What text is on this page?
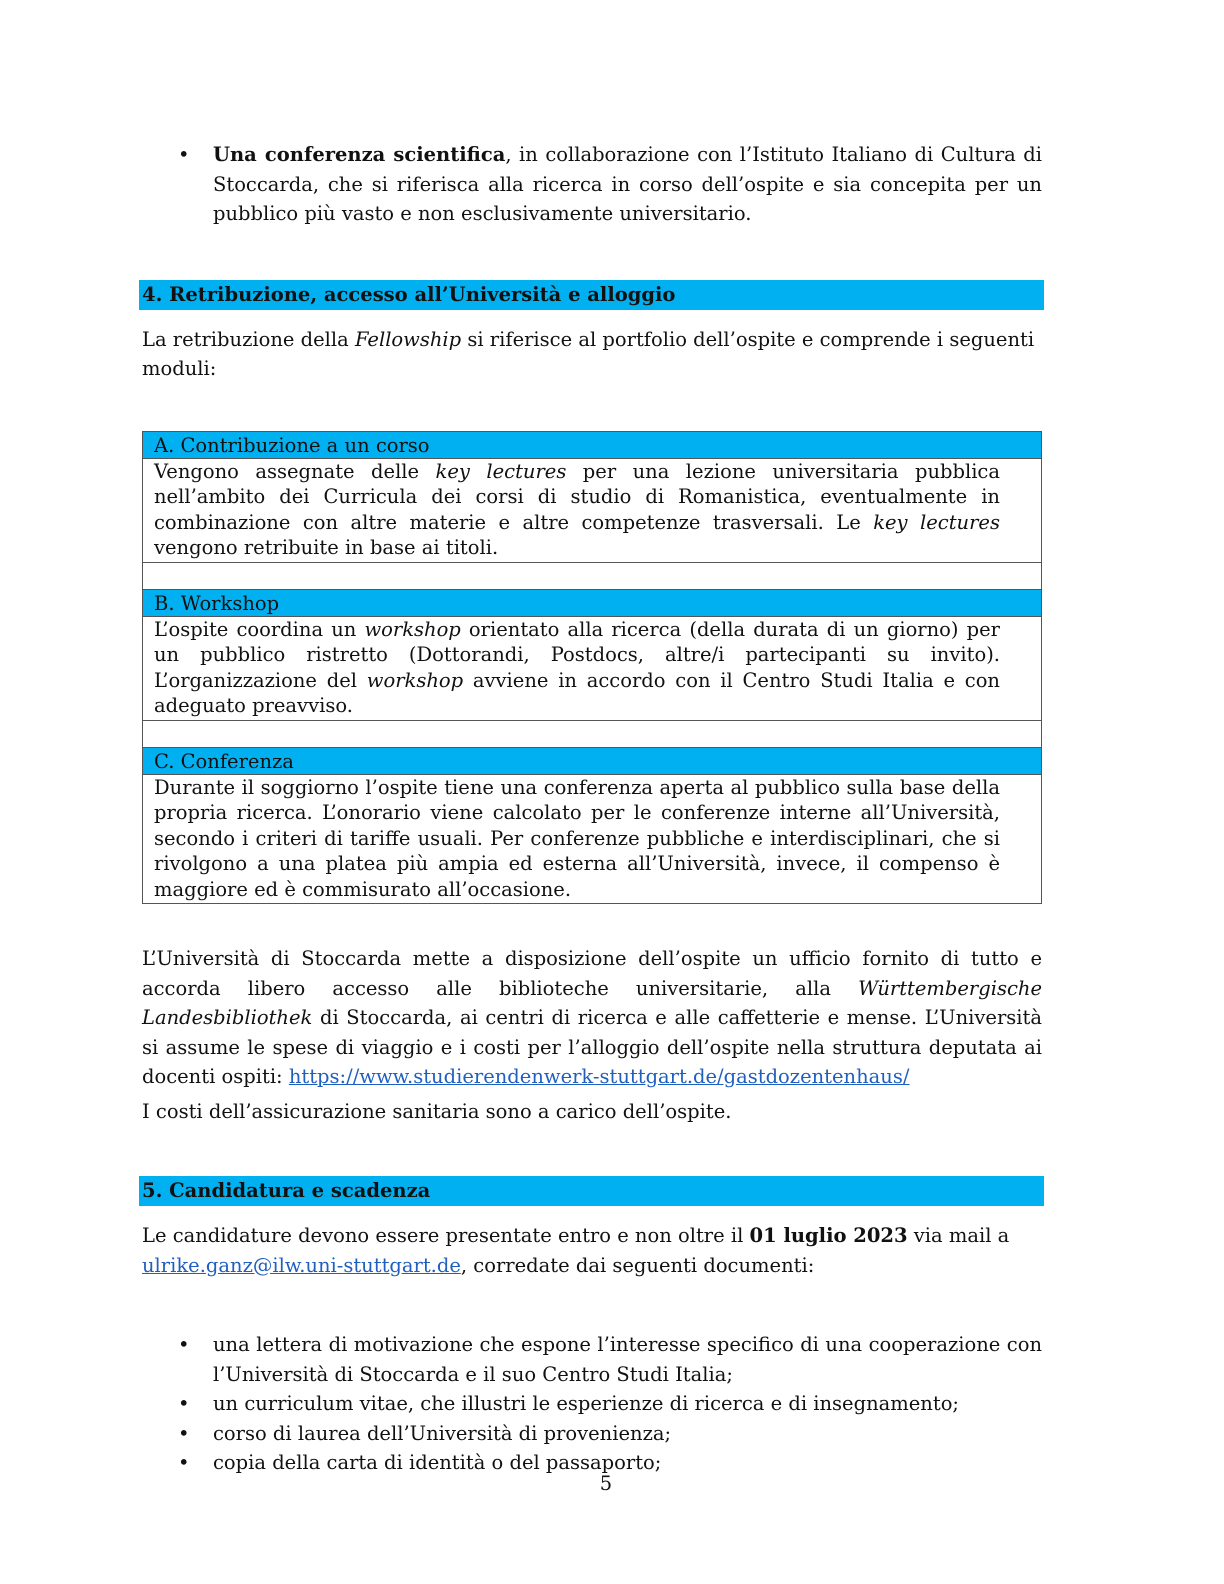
• Una conferenza scientifica, in collaborazione con l’Istituto Italiano di Cultura di Stoccarda, che si riferisca alla ricerca in corso dell’ospite e sia concepita per un pubblico più vasto e non esclusivamente universitario.
4. Retribuzione, accesso all’Università e alloggio

La retribuzione della Fellowship si riferisce al portfolio dell’ospite e comprende i seguenti moduli:

A. Contribuzione a un corso
Vengono assegnate delle key lectures per una lezione universitaria pubblica nell’ambito dei Curricula dei corsi di studio di Romanistica, eventualmente in combinazione con altre materie e altre competenze trasversali. Le key lectures vengono retribuite in base ai titoli.
B. Workshop
L’ospite coordina un workshop orientato alla ricerca (della durata di un giorno) per un pubblico ristretto (Dottorandi, Postdocs, altre/i partecipanti su invito). L’organizzazione del workshop avviene in accordo con il Centro Studi Italia e con adeguato preavviso.
C. Conferenza
Durante il soggiorno l’ospite tiene una conferenza aperta al pubblico sulla base della propria ricerca. L’onorario viene calcolato per le conferenze interne all’Università, secondo i criteri di tariffe usuali. Per conferenze pubbliche e interdisciplinari, che si rivolgono a una platea più ampia ed esterna all’Università, invece, il compenso è maggiore ed è commisurato all’occasione.

L’Università di Stoccarda mette a disposizione dell’ospite un ufficio fornito di tutto e accorda libero accesso alle biblioteche universitarie, alla Württembergische Landesbibliothek di Stoccarda, ai centri di ricerca e alle caffetterie e mense. L’Università si assume le spese di viaggio e i costi per l’alloggio dell’ospite nella struttura deputata ai docenti ospiti: https://www.studierendenwerk-stuttgart.de/gastdozentenhaus/

I costi dell’assicurazione sanitaria sono a carico dell’ospite.

5. Candidatura e scadenza

Le candidature devono essere presentate entro e non oltre il 01 luglio 2023 via mail a
ulrike.ganz@ilw.uni-stuttgart.de, corredate dai seguenti documenti:

• una lettera di motivazione che espone l’interesse specifico di una cooperazione con l’Università di Stoccarda e il suo Centro Studi Italia;
• un curriculum vitae, che illustri le esperienze di ricerca e di insegnamento;
• corso di laurea dell’Università di provenienza;
• copia della carta di identità o del passaporto;
5
